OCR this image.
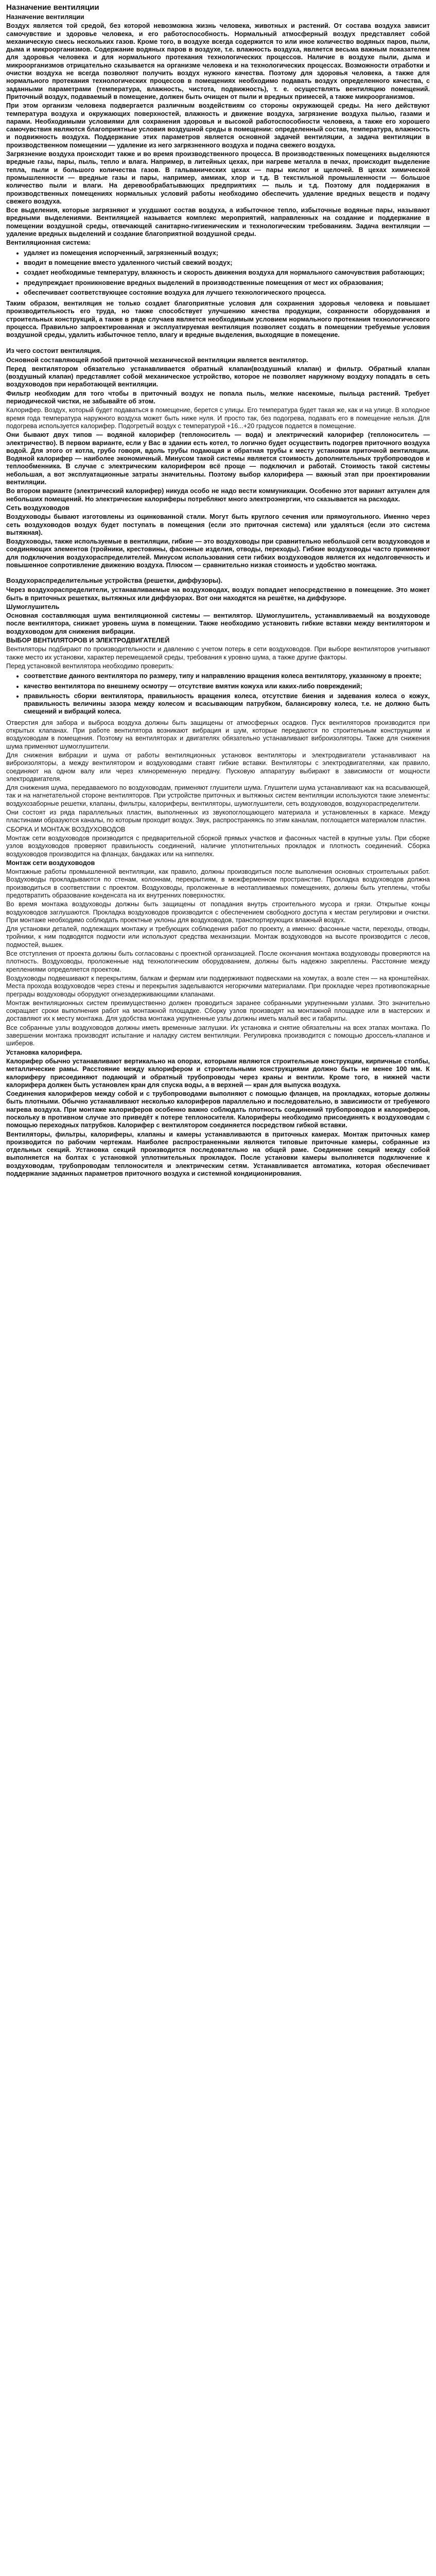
Назначение вентиляции

Назначение вентиляции

Воздух является той средой, без которой невозможна жизнь человека, животных и растений. От состава воздуха зависит самочувствие и здоровье человека, и его работоспособность. Нормальный атмосферный воздух представляет собой механическую смесь нескольких газов. Кроме того, в воздухе всегда содержится то или иное количество водяных паров, пыли, дыма и микроорганизмов. Содержание водяных паров в воздухе, т.е. влажность воздуха, является весьма важным показателем для здоровья человека и для нормального протекания технологических процессов. Наличие в воздухе пыли, дыма и микроорганизмов отрицательно сказывается на организме человека и на технологических процессах. Возможности отработки и очистки воздуха не всегда позволяют получить воздух нужного качества. Поэтому для здоровья человека, а также для нормального протекания технологических процессов в помещениях необходимо подавать воздух определенного качества, с заданными параметрами (температура, влажность, чистота, подвижность), т. е. осуществлять вентиляцию помещений. Приточный воздух, подаваемый в помещение, должен быть очищен от пыли и вредных примесей, а также микроорганизмов.

При этом организм человека подвергается различным воздействиям со стороны окружающей среды. На него действуют температура воздуха и окружающих поверхностей, влажность и движение воздуха, загрязнение воздуха пылью, газами и парами. Необходимыми условиями для сохранения здоровья и высокой работоспособности человека, а также его хорошего самочувствия являются благоприятные условия воздушной среды в помещении: определенный состав, температура, влажность и подвижность воздуха. Поддержание этих параметров является основной задачей вентиляции, а задача вентиляции в производственном помещении — удаление из него загрязненного воздуха и подача свежего воздуха.

Загрязнение воздуха происходит также и во время производственного процесса. В производственных помещениях выделяются вредные газы, пары, пыль, тепло и влага. Например, в литейных цехах, при нагреве металла в печах, происходит выделение тепла, пыли и большого количества газов. В гальванических цехах — пары кислот и щелочей. В цехах химической промышленности — вредные газы и пары, например, аммиак, хлор и т.д. В текстильной промышленности — большое количество пыли и влаги. На деревообрабатывающих предприятиях — пыль и т.д. Поэтому для поддержания в производственных помещениях нормальных условий работы необходимо обеспечить удаление вредных веществ и подачу свежего воздуха.

Все выделения, которые загрязняют и ухудшают состав воздуха, а избыточное тепло, избыточные водяные пары, называют вредными выделениями. Вентиляцией называется комплекс мероприятий, направленных на создание и поддержание в помещении воздушной среды, отвечающей санитарно-гигиеническим и технологическим требованиям. Задача вентиляции — удаление вредных выделений и создание благоприятной воздушной среды.

Вентиляционная система:

• удаляет из помещения испорченный, загрязненный воздух;
• вводит в помещение вместо удаленного чистый свежий воздух;
• создает необходимые температуру, влажность и скорость движения воздуха для нормального самочувствия работающих;
• предупреждает проникновение вредных выделений в производственные помещения от мест их образования;
• обеспечивает соответствующее состояние воздуха для лучшего технологического процесса.

Таким образом, вентиляция не только создает благоприятные условия для сохранения здоровья человека и повышает производительность его труда, но также способствует улучшению качества продукции, сохранности оборудования и строительных конструкций, а также в ряде случаев является необходимым условием нормального протекания технологического процесса. Правильно запроектированная и эксплуатируемая вентиляция позволяет создать в помещении требуемые условия воздушной среды, удалить избыточное тепло, влагу и вредные выделения, выходящие в помещение.

Из чего состоит вентиляция.

Основной составляющей любой приточной механической вентиляции является вентилятор.

Перед вентилятором обязательно устанавливается обратный клапан(воздушный клапан) и фильтр. Обратный клапан (воздушный клапан) представляет собой механическое устройство, которое не позволяет наружному воздуху попадать в сеть воздуховодов при неработающей вентиляции.

Фильтр необходим для того чтобы в приточный воздух не попала пыль, мелкие насекомые, пыльца растений. Требует периодической чистки, не забывайте об этом.

Калорифер. Воздух, который будет подаваться в помещение, берется с улицы. Его температура будет такая же, как и на улице. В холодное время года температура наружного воздуха может быть ниже нуля. И просто так, без подогрева, подавать его в помещение нельзя. Для подогрева используется калорифер. Подогретый воздух с температурой +16...+20 градусов подается в помещение.

Они бывают двух типов — водяной калорифер (теплоноситель — вода) и электрический калорифер (теплоноситель — электричество). В первом варианте, если у Вас в здании есть котел, то логично будет осуществить подогрев приточного воздуха водой. Для этого от котла, грубо говоря, вдоль трубы подающая и обратная трубы к месту установки приточной вентиляции. Водяной калорифер — наиболее экономичный. Минусом такой системы является стоимость дополнительных трубопроводов и теплообменника. В случае с электрическим калорифером всё проще — подключил и работай. Стоимость такой системы небольшая, а вот эксплуатационные затраты значительны. Поэтому выбор калорифера — важный этап при проектировании вентиляции.

Во втором варианте (электрический калорифер) никуда особо не надо вести коммуникации. Особенно этот вариант актуален для небольших помещений. Но электрические калориферы потребляют много электроэнергии, что сказывается на расходах.

Сеть воздуховодов

Воздуховоды бывают изготовлены из оцинкованной стали. Могут быть круглого сечения или прямоугольного. Именно через сеть воздуховодов воздух будет поступать в помещения (если это приточная система) или удаляться (если это система вытяжная).

Воздуховоды, также используемые в вентиляции, гибкие — это воздуховоды при сравнительно небольшой сети воздуховодов и соединяющих элементов (тройники, крестовины, фасонные изделия, отводы, переходы). Гибкие воздуховоды часто применяют для подключения воздухораспределителей. Минусом использования сети гибких воздуховодов является их недолговечность и повышенное сопротивление движению воздуха. Плюсом — сравнительно низкая стоимость и удобство монтажа.

Воздухораспределительные устройства (решетки, диффузоры).

Через воздухораспределители, устанавливаемые на воздуховодах, воздух попадает непосредственно в помещение. Это может быть в приточных решетках, вытяжных или диффузорах. Вот они находятся на решётке, на диффузоре.

Шумоглушитель

Основная составляющая шума вентиляционной системы — вентилятор. Шумоглушитель, устанавливаемый на воздуховоде после вентилятора, снижает уровень шума в помещении. Также необходимо установить гибкие вставки между вентилятором и воздуховодом для снижения вибрации.

ВЫБОР ВЕНТИЛЯТОРОВ И ЭЛЕКТРОДВИГАТЕЛЕЙ

Вентиляторы подбирают по производительности и давлению с учетом потерь в сети воздуховодов. При выборе вентиляторов учитывают также место их установки, характер перемещаемой среды, требования к уровню шума, а также другие факторы.

Перед установкой вентилятора необходимо проверить:

• соответствие данного вентилятора по размеру, типу и направлению вращения колеса вентилятору, указанному в проекте;
• качество вентилятора по внешнему осмотру — отсутствие вмятин кожуха или каких-либо повреждений;
• правильность сборки вентилятора, правильность вращения колеса, отсутствие биения и задевания колеса о кожух, правильность величины зазора между колесом и всасывающим патрубком, балансировку колеса, т.е. не должно быть смещений и вибраций колеса.

Отверстия для забора и выброса воздуха должны быть защищены от атмосферных осадков. Пуск вентиляторов производится при открытых клапанах. При работе вентилятора возникают вибрация и шум, которые передаются по строительным конструкциям и воздуховодам в помещения. Поэтому на вентиляторах и двигателях обязательно устанавливают виброизоляторы. Также для снижения шума применяют шумоглушители.

Для снижения вибрации и шума от работы вентиляционных установок вентиляторы и электродвигатели устанавливают на виброизоляторы, а между вентилятором и воздуховодами ставят гибкие вставки. Вентиляторы с электродвигателями, как правило, соединяют на одном валу или через клиноременную передачу. Пусковую аппаратуру выбирают в зависимости от мощности электродвигателя.

Для снижения шума, передаваемого по воздуховодам, применяют глушители шума. Глушители шума устанавливают как на всасывающей, так и на нагнетательной стороне вентиляторов. При устройстве приточных и вытяжных систем вентиляции используются такие элементы: воздухозаборные решетки, клапаны, фильтры, калориферы, вентиляторы, шумоглушители, сеть воздуховодов, воздухораспределители.

Они состоят из ряда параллельных пластин, выполненных из звукопоглощающего материала и установленных в каркасе. Между пластинами образуются каналы, по которым проходит воздух. Звук, распространяясь по этим каналам, поглощается материалом пластин.

СБОРКА И МОНТАЖ ВОЗДУХОВОДОВ

Монтаж сети воздуховодов производится с предварительной сборкой прямых участков и фасонных частей в крупные узлы. При сборке узлов воздуховодов проверяют правильность соединений, наличие уплотнительных прокладок и плотность соединений. Сборка воздуховодов производится на фланцах, бандажах или на ниппелях.

Монтаж сети воздуховодов

Монтажные работы промышленной вентиляции, как правило, должны производиться после выполнения основных строительных работ. Воздуховоды прокладываются по стенам, колоннам, перекрытиям, в межферменном пространстве. Прокладка воздуховодов должна производиться в соответствии с проектом. Воздуховоды, проложенные в неотапливаемых помещениях, должны быть утеплены, чтобы предотвратить образование конденсата на их внутренних поверхностях.

Во время монтажа воздуховоды должны быть защищены от попадания внутрь строительного мусора и грязи. Открытые концы воздуховодов заглушаются. Прокладка воздуховодов производится с обеспечением свободного доступа к местам регулировки и очистки. При монтаже необходимо соблюдать проектные уклоны для воздуховодов, транспортирующих влажный воздух.

Для установки деталей, подлежащих монтажу и требующих соблюдения работ по проекту, а именно: фасонные части, переходы, отводы, тройники, к ним подводятся подмости или используют средства механизации. Монтаж воздуховодов на высоте производится с лесов, подмостей, вышек.

Все отступления от проекта должны быть согласованы с проектной организацией. После окончания монтажа воздуховоды проверяются на плотность. Воздуховоды, проложенные над технологическим оборудованием, должны быть надежно закреплены. Расстояние между креплениями определяется проектом.

Воздуховоды подвешивают к перекрытиям, балкам и фермам или поддерживают подвесками на хомутах, а возле стен — на кронштейнах. Места прохода воздуховодов через стены и перекрытия заделываются негорючими материалами. При прокладке через противопожарные преграды воздуховоды оборудуют огнезадерживающими клапанами.

Монтаж вентиляционных систем преимущественно должен проводиться заранее собранными укрупненными узлами. Это значительно сокращает сроки выполнения работ на монтажной площадке. Сборку узлов производят на монтажной площадке или в мастерских и доставляют их к месту монтажа. Для удобства монтажа укрупненные узлы должны иметь малый вес и габариты.

Все собранные узлы воздуховодов должны иметь временные заглушки. Их установка и снятие обязательны на всех этапах монтажа. По завершении монтажа производят испытание и наладку систем вентиляции. Регулировка производится с помощью дроссель-клапанов и шиберов.

Установка калорифера.

Калорифер обычно устанавливают вертикально на опорах, которыми являются строительные конструкции, кирпичные столбы, металлические рамы. Расстояние между калорифером и строительными конструкциями должно быть не менее 100 мм. К калориферу присоединяют подающий и обратный трубопроводы через краны и вентили. Кроме того, в нижней части калорифера должен быть установлен кран для спуска воды, а в верхней — кран для выпуска воздуха.

Соединения калориферов между собой и с трубопроводами выполняют с помощью фланцев, на прокладках, которые должны быть плотными. Обычно устанавливают несколько калориферов параллельно и последовательно, в зависимости от требуемого нагрева воздуха. При монтаже калориферов особенно важно соблюдать плотность соединений трубопроводов и калориферов, поскольку в противном случае это приведёт к потере теплоносителя. Калориферы необходимо присоединять к воздуховодам с помощью переходных патрубков. Калорифер с вентилятором соединяется посредством гибкой вставки.

Вентиляторы, фильтры, калориферы, клапаны и камеры устанавливаются в приточных камерах. Монтаж приточных камер производится по рабочим чертежам. Наиболее распространенными являются типовые приточные камеры, собранные из отдельных секций. Установка секций производится последовательно на общей раме. Соединение секций между собой выполняется на болтах с установкой уплотнительных прокладок. После установки камеры выполняется подключение к воздуховодам, трубопроводам теплоносителя и электрическим сетям. Устанавливается автоматика, которая обеспечивает поддержание заданных параметров приточного воздуха и системной кондиционирования.
